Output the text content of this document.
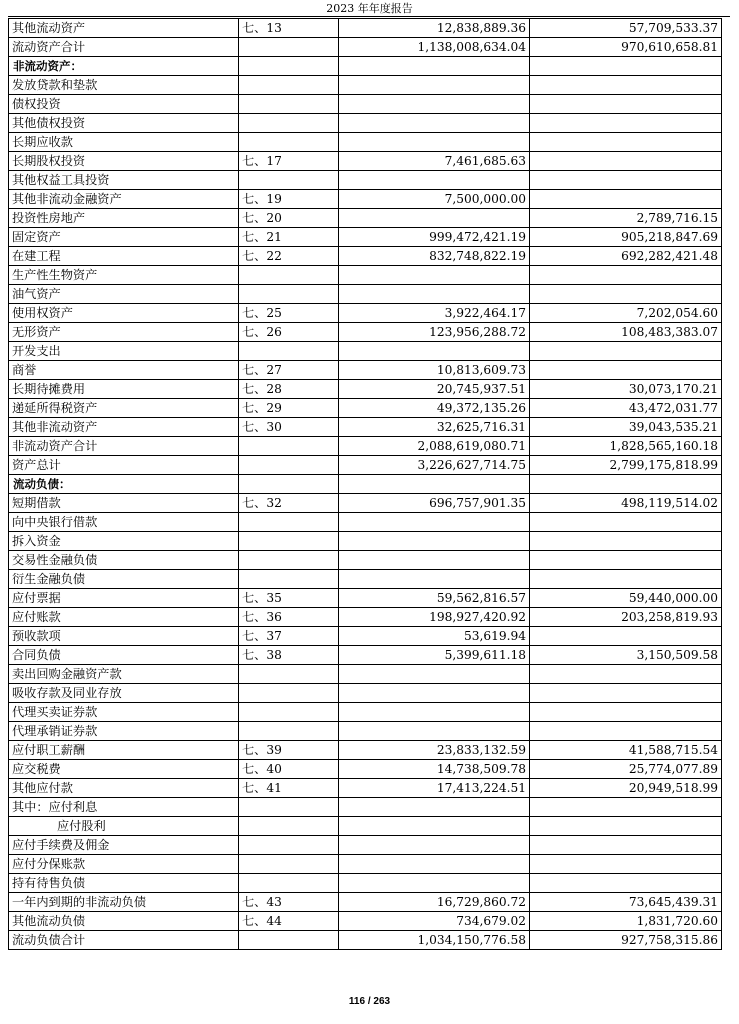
2023 年年度报告
其他流动资产	七、13	12,838,889.36	57,709,533.37
流动资产合计		1,138,008,634.04	970,610,658.81
非流动资产：			
发放贷款和垫款			
债权投资			
其他债权投资			
长期应收款			
长期股权投资	七、17	7,461,685.63	
其他权益工具投资			
其他非流动金融资产	七、19	7,500,000.00	
投资性房地产	七、20		2,789,716.15
固定资产	七、21	999,472,421.19	905,218,847.69
在建工程	七、22	832,748,822.19	692,282,421.48
生产性生物资产			
油气资产			
使用权资产	七、25	3,922,464.17	7,202,054.60
无形资产	七、26	123,956,288.72	108,483,383.07
开发支出			
商誉	七、27	10,813,609.73	
长期待摊费用	七、28	20,745,937.51	30,073,170.21
递延所得税资产	七、29	49,372,135.26	43,472,031.77
其他非流动资产	七、30	32,625,716.31	39,043,535.21
非流动资产合计		2,088,619,080.71	1,828,565,160.18
资产总计		3,226,627,714.75	2,799,175,818.99
流动负债：			
短期借款	七、32	696,757,901.35	498,119,514.02
向中央银行借款			
拆入资金			
交易性金融负债			
衍生金融负债			
应付票据	七、35	59,562,816.57	59,440,000.00
应付账款	七、36	198,927,420.92	203,258,819.93
预收款项	七、37	53,619.94	
合同负债	七、38	5,399,611.18	3,150,509.58
卖出回购金融资产款			
吸收存款及同业存放			
代理买卖证券款			
代理承销证券款			
应付职工薪酬	七、39	23,833,132.59	41,588,715.54
应交税费	七、40	14,738,509.78	25,774,077.89
其他应付款	七、41	17,413,224.51	20,949,518.99
其中：应付利息			
应付股利			
应付手续费及佣金			
应付分保账款			
持有待售负债			
一年内到期的非流动负债	七、43	16,729,860.72	73,645,439.31
其他流动负债	七、44	734,679.02	1,831,720.60
流动负债合计		1,034,150,776.58	927,758,315.86
116 / 263
